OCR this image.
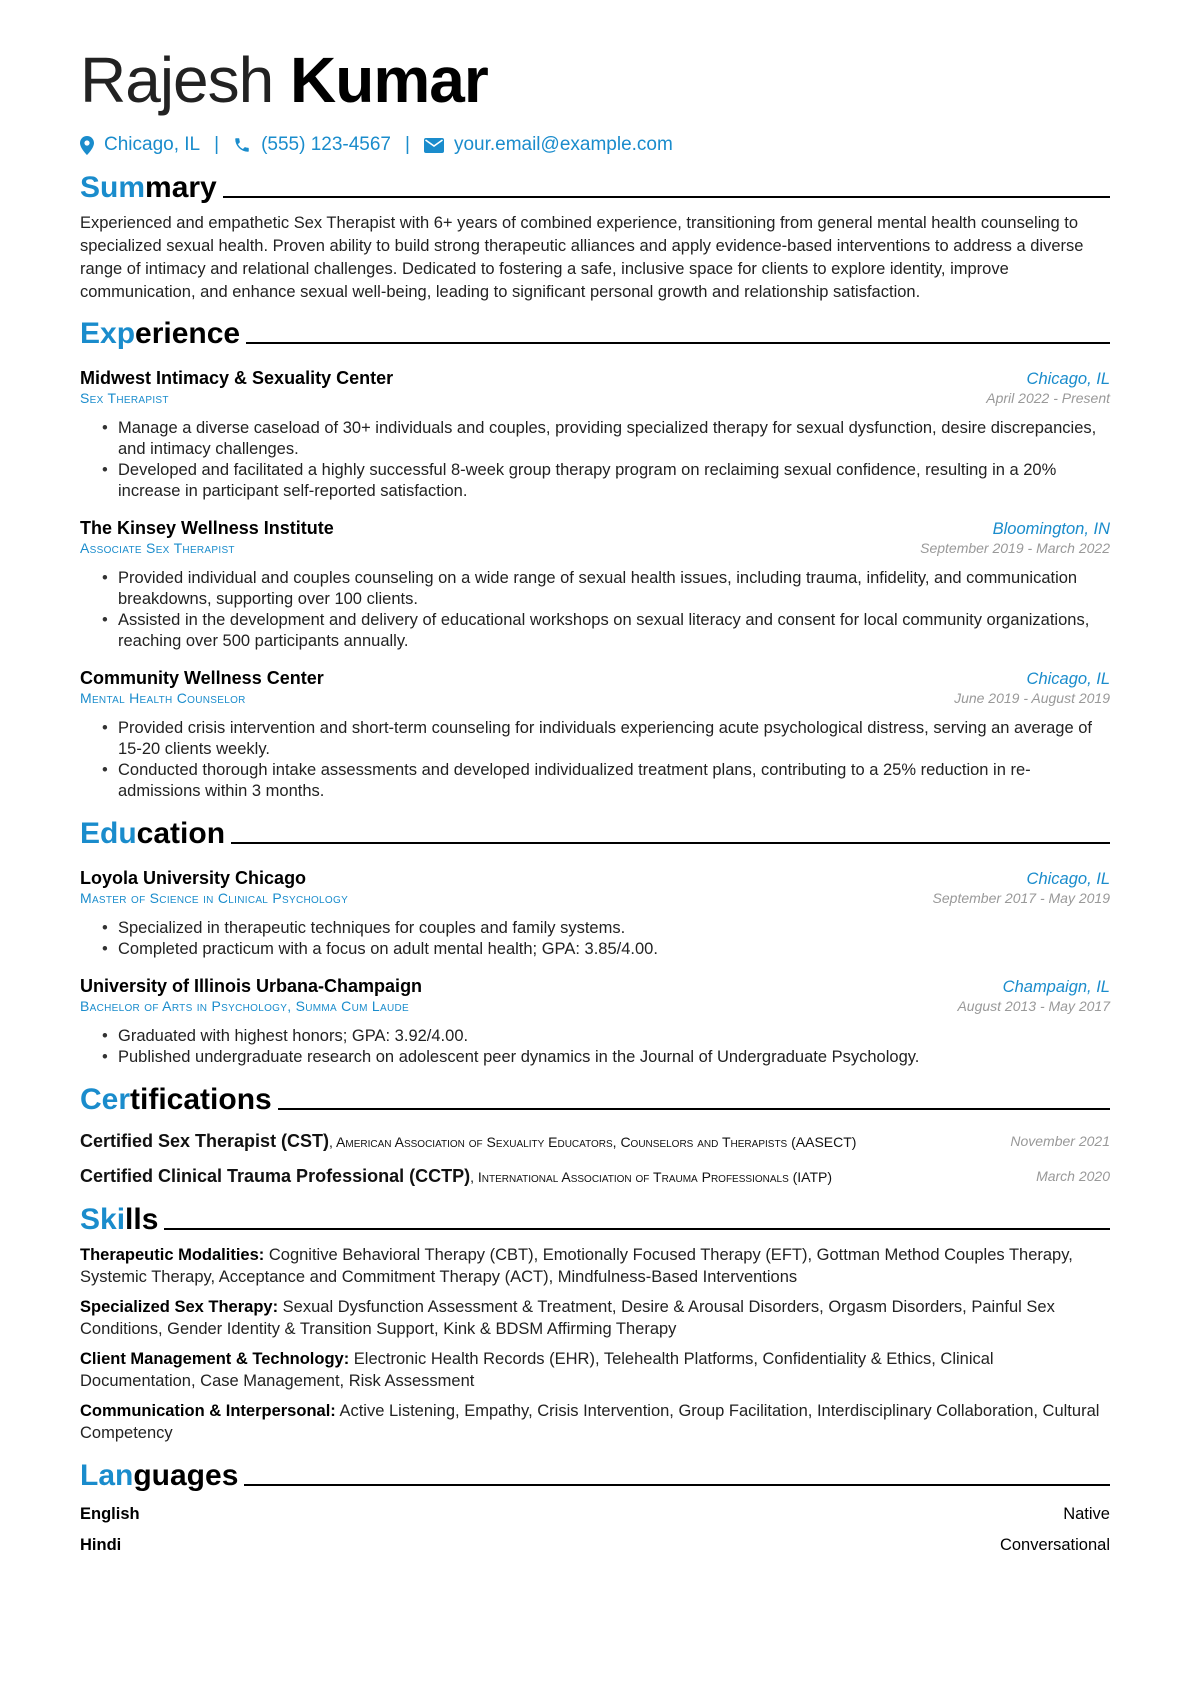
Rajesh Kumar
Chicago, IL | (555) 123-4567 | your.email@example.com
Summary
Experienced and empathetic Sex Therapist with 6+ years of combined experience, transitioning from general mental health counseling to specialized sexual health. Proven ability to build strong therapeutic alliances and apply evidence-based interventions to address a diverse range of intimacy and relational challenges. Dedicated to fostering a safe, inclusive space for clients to explore identity, improve communication, and enhance sexual well-being, leading to significant personal growth and relationship satisfaction.
Experience
Midwest Intimacy & Sexuality Center	Chicago, IL
Sex Therapist	April 2022 - Present
• Manage a diverse caseload of 30+ individuals and couples, providing specialized therapy for sexual dysfunction, desire discrepancies, and intimacy challenges.
• Developed and facilitated a highly successful 8-week group therapy program on reclaiming sexual confidence, resulting in a 20% increase in participant self-reported satisfaction.
The Kinsey Wellness Institute	Bloomington, IN
Associate Sex Therapist	September 2019 - March 2022
• Provided individual and couples counseling on a wide range of sexual health issues, including trauma, infidelity, and communication breakdowns, supporting over 100 clients.
• Assisted in the development and delivery of educational workshops on sexual literacy and consent for local community organizations, reaching over 500 participants annually.
Community Wellness Center	Chicago, IL
Mental Health Counselor	June 2019 - August 2019
• Provided crisis intervention and short-term counseling for individuals experiencing acute psychological distress, serving an average of 15-20 clients weekly.
• Conducted thorough intake assessments and developed individualized treatment plans, contributing to a 25% reduction in re-admissions within 3 months.
Education
Loyola University Chicago	Chicago, IL
Master of Science in Clinical Psychology	September 2017 - May 2019
• Specialized in therapeutic techniques for couples and family systems.
• Completed practicum with a focus on adult mental health; GPA: 3.85/4.00.
University of Illinois Urbana-Champaign	Champaign, IL
Bachelor of Arts in Psychology, Summa Cum Laude	August 2013 - May 2017
• Graduated with highest honors; GPA: 3.92/4.00.
• Published undergraduate research on adolescent peer dynamics in the Journal of Undergraduate Psychology.
Certifications
Certified Sex Therapist (CST), American Association of Sexuality Educators, Counselors and Therapists (AASECT)	November 2021
Certified Clinical Trauma Professional (CCTP), International Association of Trauma Professionals (IATP)	March 2020
Skills
Therapeutic Modalities: Cognitive Behavioral Therapy (CBT), Emotionally Focused Therapy (EFT), Gottman Method Couples Therapy, Systemic Therapy, Acceptance and Commitment Therapy (ACT), Mindfulness-Based Interventions
Specialized Sex Therapy: Sexual Dysfunction Assessment & Treatment, Desire & Arousal Disorders, Orgasm Disorders, Painful Sex Conditions, Gender Identity & Transition Support, Kink & BDSM Affirming Therapy
Client Management & Technology: Electronic Health Records (EHR), Telehealth Platforms, Confidentiality & Ethics, Clinical Documentation, Case Management, Risk Assessment
Communication & Interpersonal: Active Listening, Empathy, Crisis Intervention, Group Facilitation, Interdisciplinary Collaboration, Cultural Competency
Languages
English	Native
Hindi	Conversational
